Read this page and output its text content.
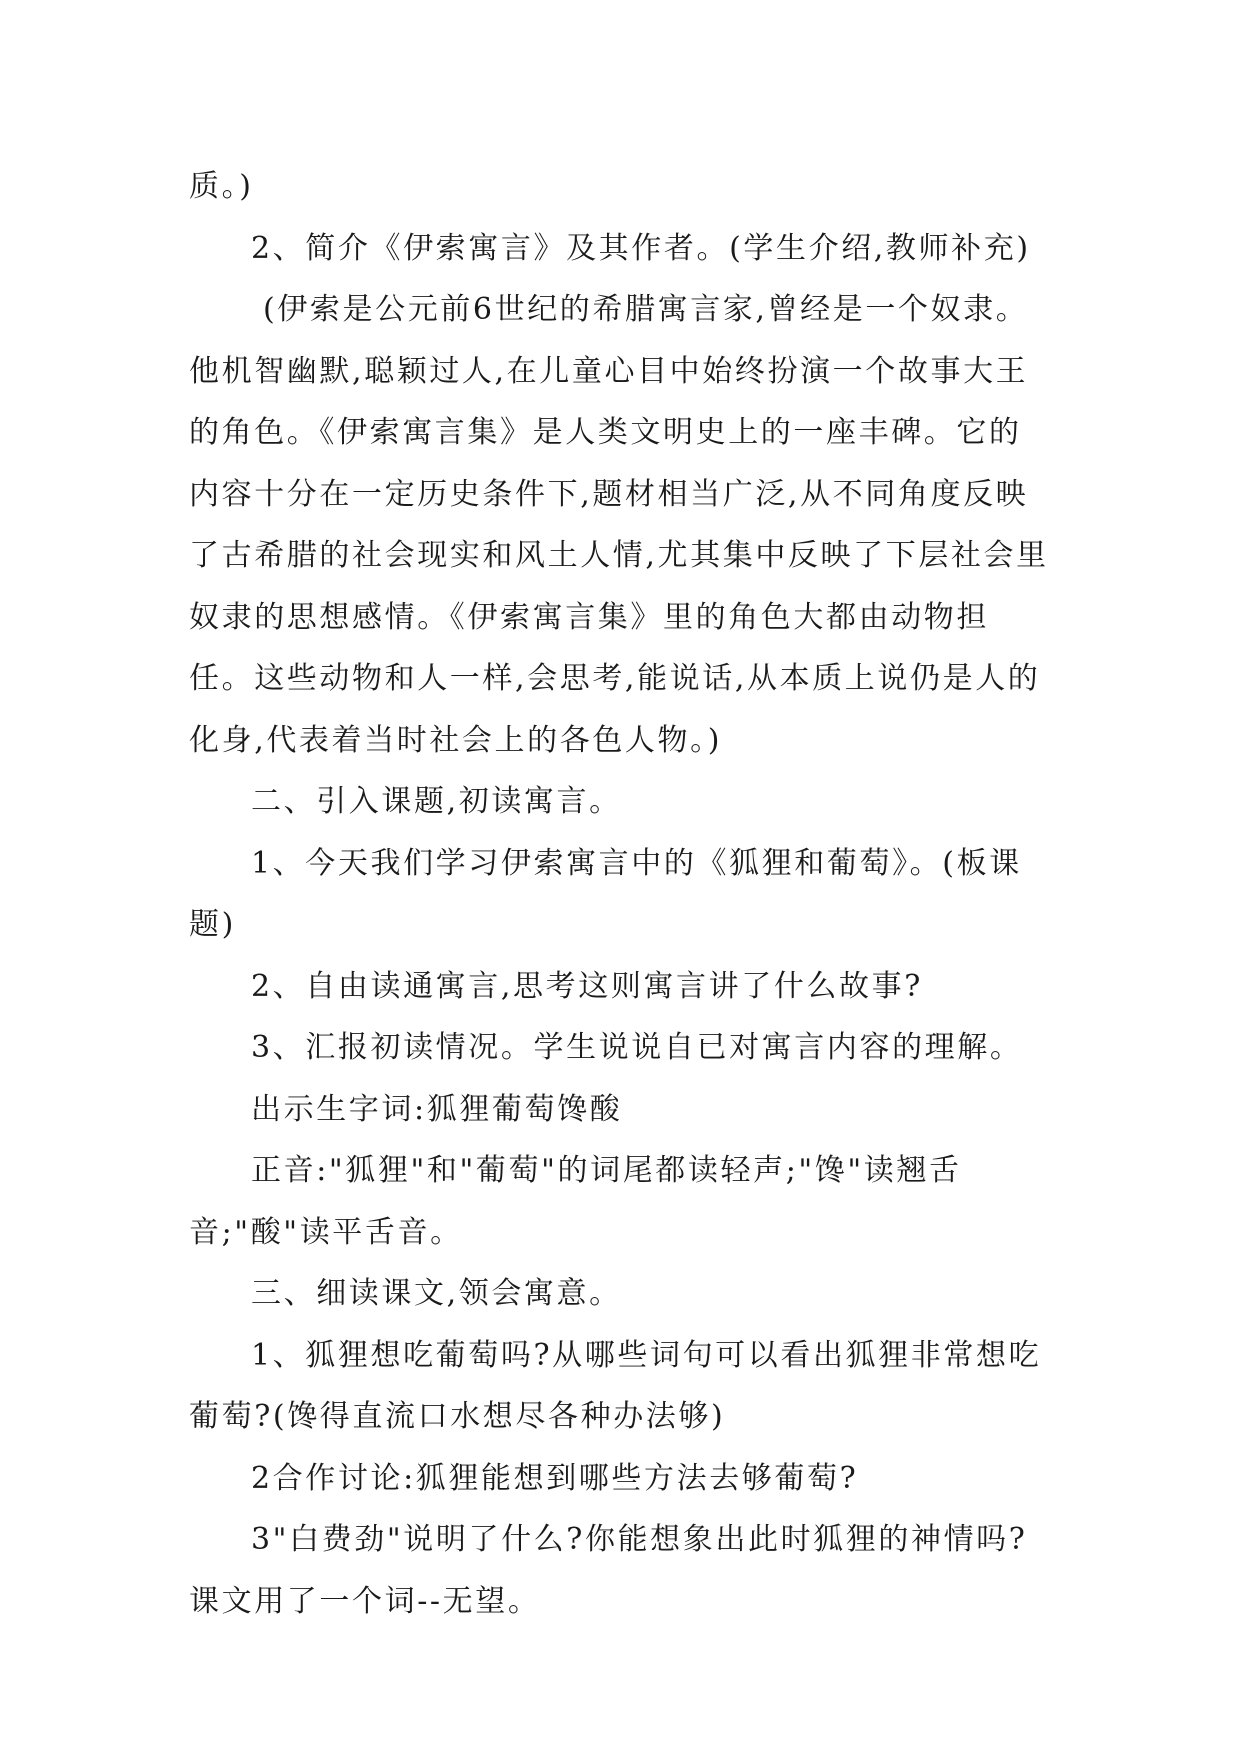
质。)

2、简介《伊索寓言》及其作者。(学生介绍,教师补充)

(伊索是公元前6世纪的希腊寓言家,曾经是一个奴隶。他机智幽默,聪颖过人,在儿童心目中始终扮演一个故事大王的角色。《伊索寓言集》是人类文明史上的一座丰碑。它的内容十分在一定历史条件下,题材相当广泛,从不同角度反映了古希腊的社会现实和风土人情,尤其集中反映了下层社会里奴隶的思想感情。《伊索寓言集》里的角色大都由动物担任。这些动物和人一样,会思考,能说话,从本质上说仍是人的化身,代表着当时社会上的各色人物。)

二、引入课题,初读寓言。

1、今天我们学习伊索寓言中的《狐狸和葡萄》。(板课题)

2、自由读通寓言,思考这则寓言讲了什么故事?

3、汇报初读情况。学生说说自已对寓言内容的理解。

出示生字词:狐狸葡萄馋酸

正音:"狐狸"和"葡萄"的词尾都读轻声;"馋"读翘舌音;"酸"读平舌音。

三、细读课文,领会寓意。

1、狐狸想吃葡萄吗?从哪些词句可以看出狐狸非常想吃葡萄?(馋得直流口水想尽各种办法够)

2合作讨论:狐狸能想到哪些方法去够葡萄?

3"白费劲"说明了什么?你能想象出此时狐狸的神情吗?课文用了一个词--无望。
